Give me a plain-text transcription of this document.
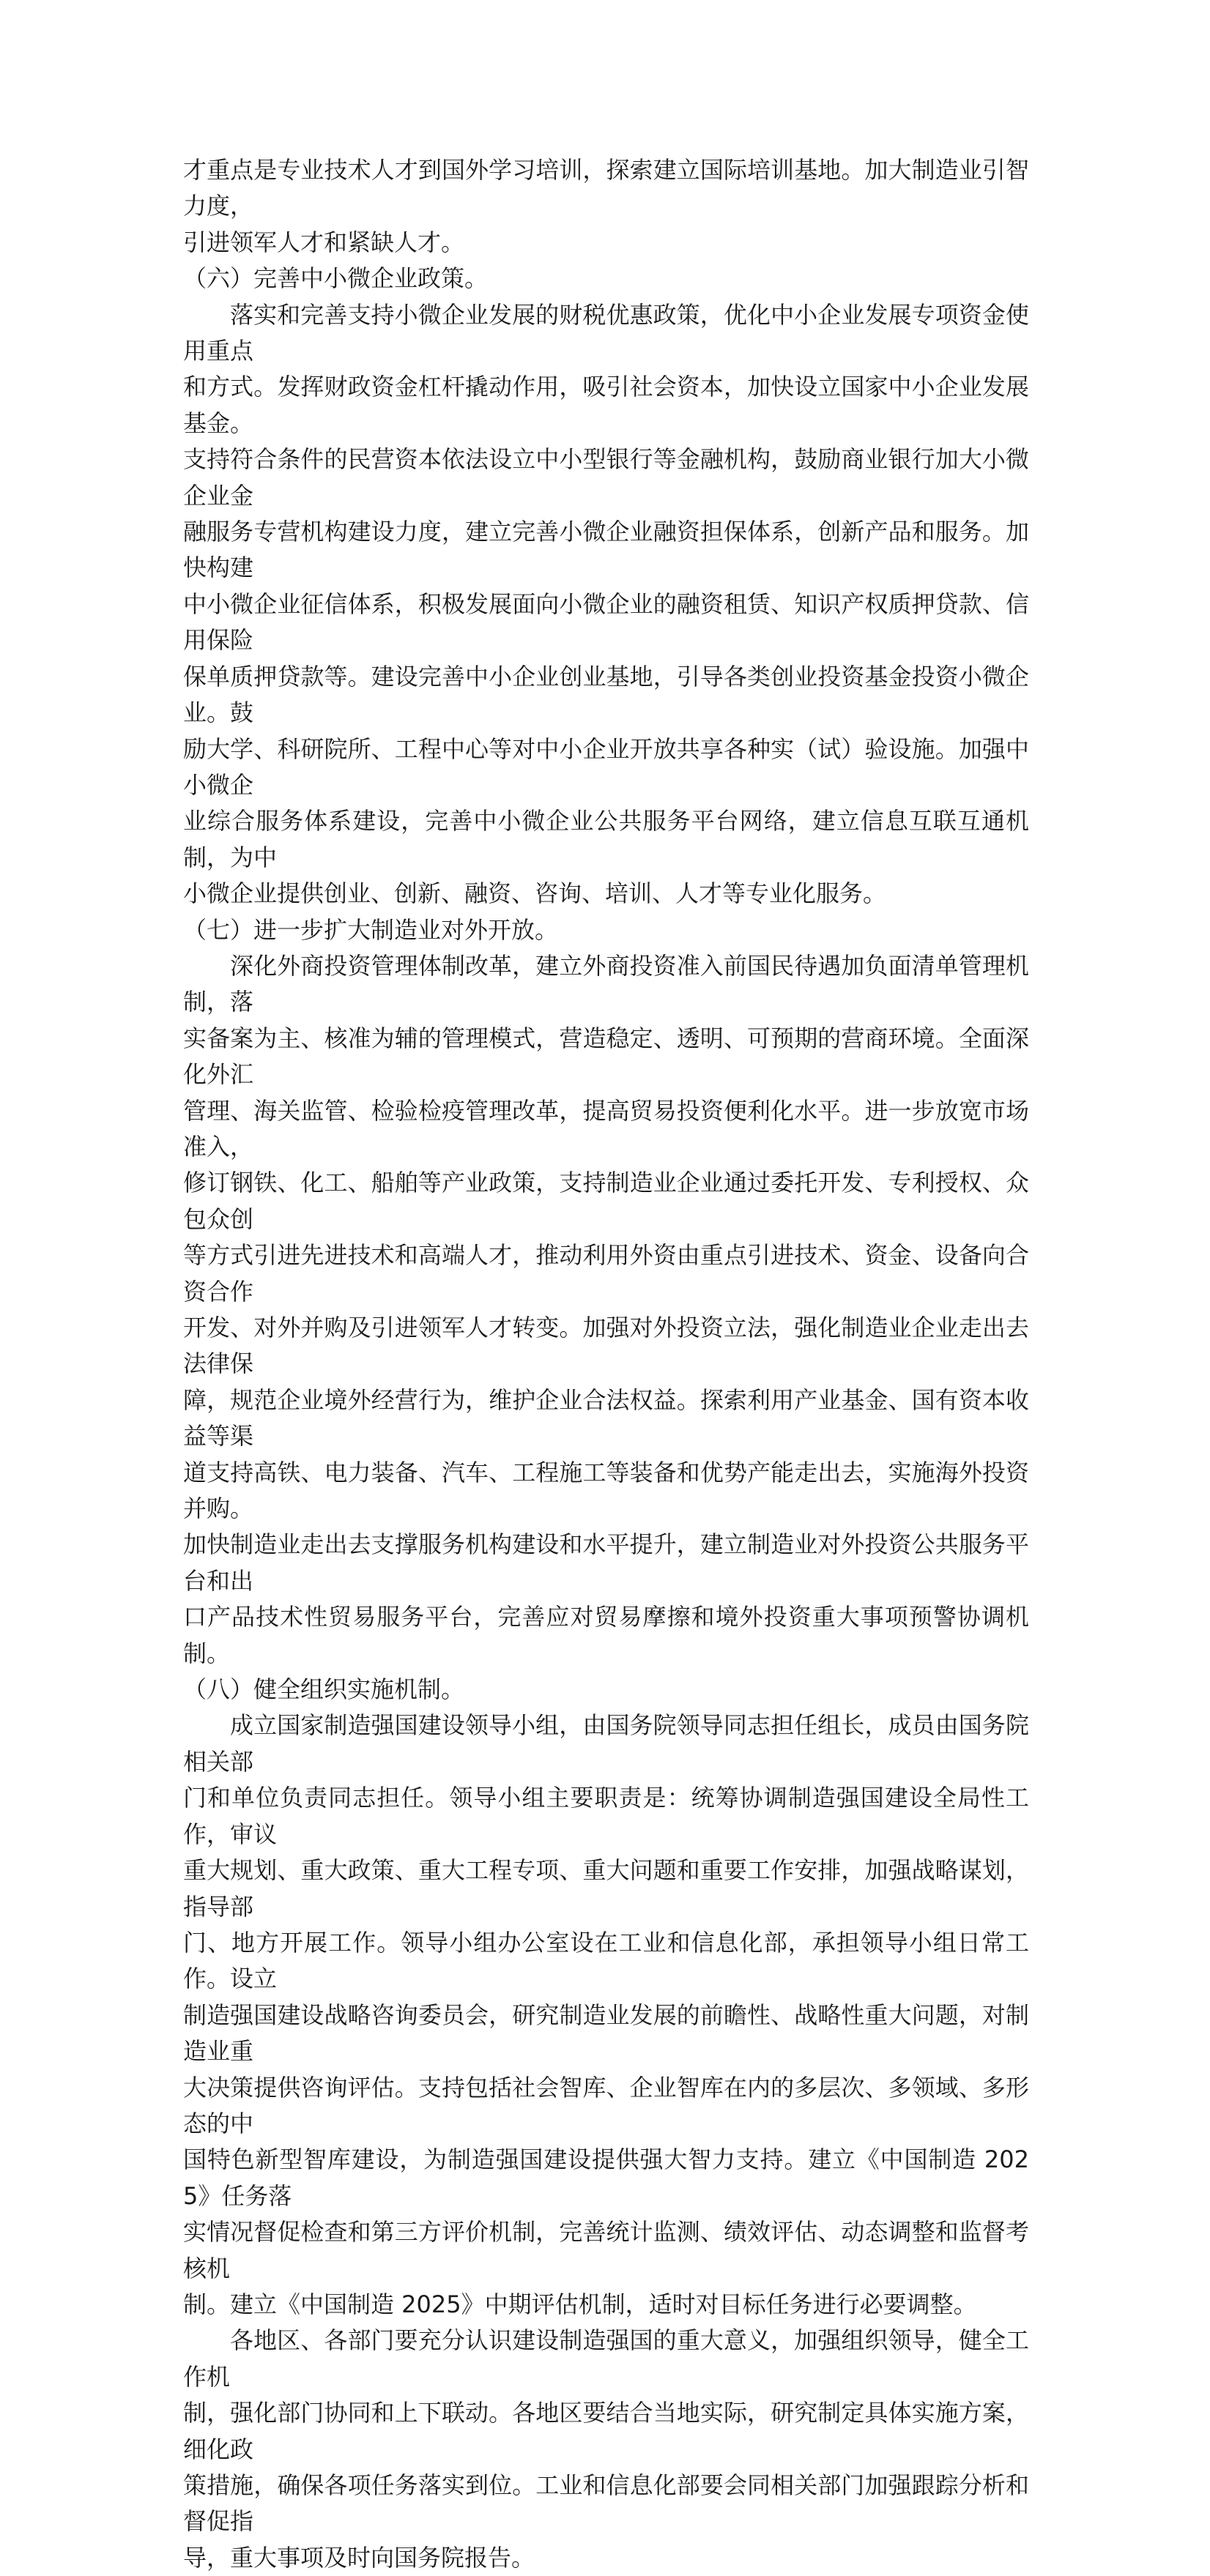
才重点是专业技术人才到国外学习培训，探索建立国际培训基地。加大制造业引智力度，
引进领军人才和紧缺人才。

（六）完善中小微企业政策。

落实和完善支持小微企业发展的财税优惠政策，优化中小企业发展专项资金使用重点
和方式。发挥财政资金杠杆撬动作用，吸引社会资本，加快设立国家中小企业发展基金。
支持符合条件的民营资本依法设立中小型银行等金融机构，鼓励商业银行加大小微企业金
融服务专营机构建设力度，建立完善小微企业融资担保体系，创新产品和服务。加快构建
中小微企业征信体系，积极发展面向小微企业的融资租赁、知识产权质押贷款、信用保险
保单质押贷款等。建设完善中小企业创业基地，引导各类创业投资基金投资小微企业。鼓
励大学、科研院所、工程中心等对中小企业开放共享各种实（试）验设施。加强中小微企
业综合服务体系建设，完善中小微企业公共服务平台网络，建立信息互联互通机制，为中
小微企业提供创业、创新、融资、咨询、培训、人才等专业化服务。

（七）进一步扩大制造业对外开放。

深化外商投资管理体制改革，建立外商投资准入前国民待遇加负面清单管理机制，落
实备案为主、核准为辅的管理模式，营造稳定、透明、可预期的营商环境。全面深化外汇
管理、海关监管、检验检疫管理改革，提高贸易投资便利化水平。进一步放宽市场准入，
修订钢铁、化工、船舶等产业政策，支持制造业企业通过委托开发、专利授权、众包众创
等方式引进先进技术和高端人才，推动利用外资由重点引进技术、资金、设备向合资合作
开发、对外并购及引进领军人才转变。加强对外投资立法，强化制造业企业走出去法律保
障，规范企业境外经营行为，维护企业合法权益。探索利用产业基金、国有资本收益等渠
道支持高铁、电力装备、汽车、工程施工等装备和优势产能走出去，实施海外投资并购。
加快制造业走出去支撑服务机构建设和水平提升，建立制造业对外投资公共服务平台和出
口产品技术性贸易服务平台，完善应对贸易摩擦和境外投资重大事项预警协调机制。

（八）健全组织实施机制。

成立国家制造强国建设领导小组，由国务院领导同志担任组长，成员由国务院相关部
门和单位负责同志担任。领导小组主要职责是：统筹协调制造强国建设全局性工作，审议
重大规划、重大政策、重大工程专项、重大问题和重要工作安排，加强战略谋划，指导部
门、地方开展工作。领导小组办公室设在工业和信息化部，承担领导小组日常工作。设立
制造强国建设战略咨询委员会，研究制造业发展的前瞻性、战略性重大问题，对制造业重
大决策提供咨询评估。支持包括社会智库、企业智库在内的多层次、多领域、多形态的中
国特色新型智库建设，为制造强国建设提供强大智力支持。建立《中国制造 2025》任务落
实情况督促检查和第三方评价机制，完善统计监测、绩效评估、动态调整和监督考核机
制。建立《中国制造 2025》中期评估机制，适时对目标任务进行必要调整。

各地区、各部门要充分认识建设制造强国的重大意义，加强组织领导，健全工作机
制，强化部门协同和上下联动。各地区要结合当地实际，研究制定具体实施方案，细化政
策措施，确保各项任务落实到位。工业和信息化部要会同相关部门加强跟踪分析和督促指
导，重大事项及时向国务院报告。
